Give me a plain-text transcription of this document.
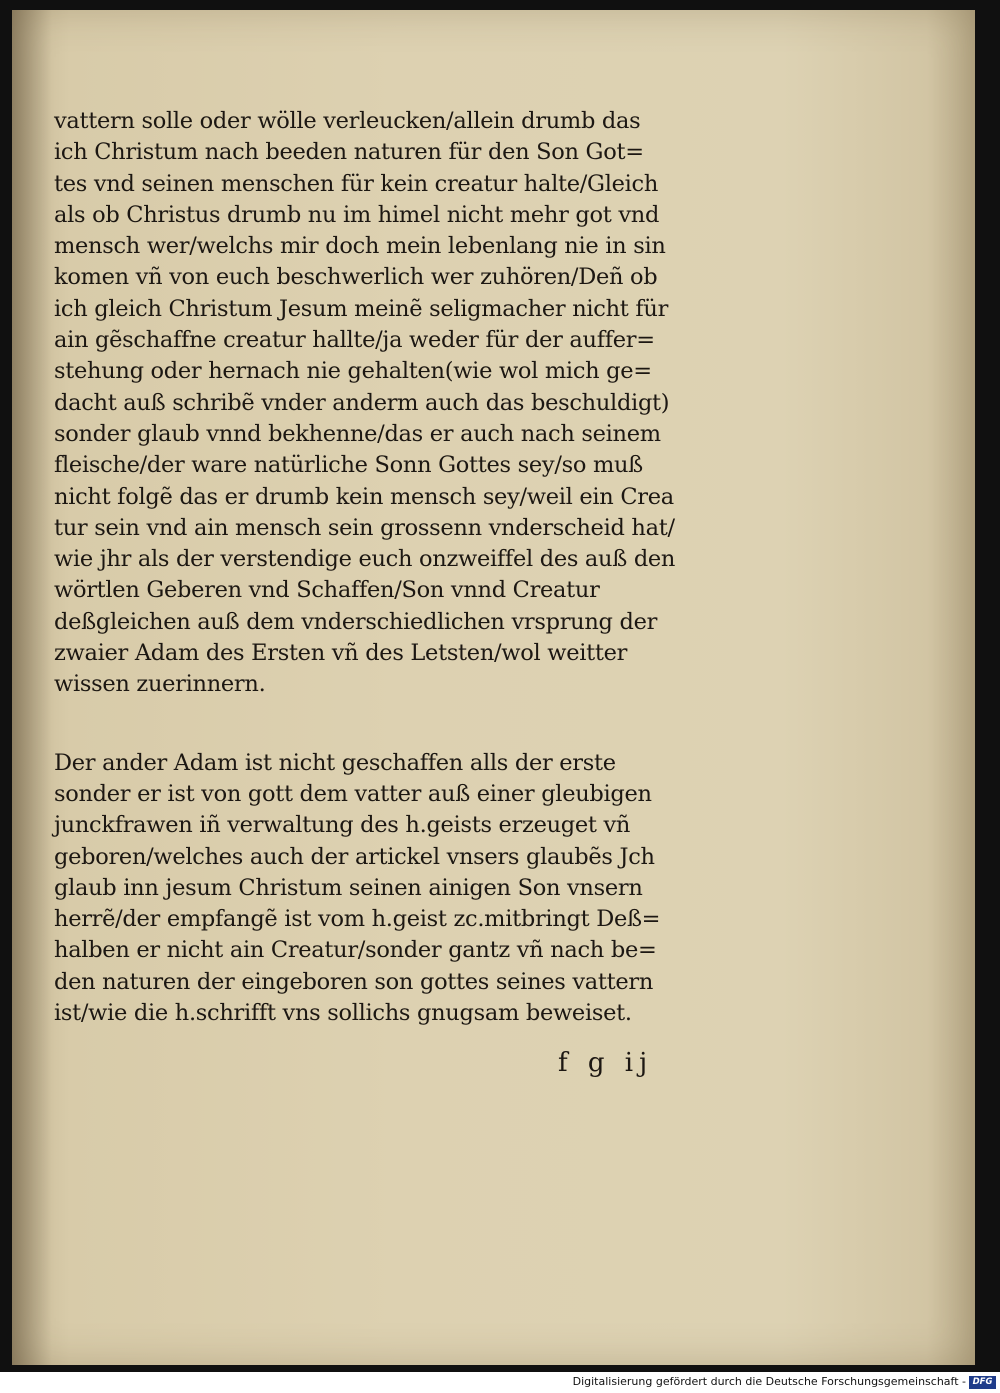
vattern solle oder wölle verleucken/allein drumb das
ich Christum nach beeden naturen für den Son Got=
tes vnd seinen menschen für kein creatur halte/Gleich
als ob Christus drumb nu im himel nicht mehr got vnd
mensch wer/welchs mir doch mein lebenlang nie in sin
komen vñ von euch beschwerlich wer zuhören/Deñ ob
ich gleich Christum Jesum meinẽ seligmacher nicht für
ain gẽschaffne creatur hallte/ja weder für der auffer=
stehung oder hernach nie gehalten(wie wol mich ge=
dacht auß schribẽ vnder anderm auch das beschuldigt)
sonder glaub vnnd bekhenne/das er auch nach seinem
fleische/der ware natürliche Sonn Gottes sey/so muß
nicht folgẽ das er drumb kein mensch sey/weil ein Crea
tur sein vnd ain mensch sein grossenn vnderscheid hat/
wie jhr als der verstendige euch onzweiffel des auß den
wörtlen Geberen vnd Schaffen/Son vnnd Creatur
deßgleichen auß dem vnderschiedlichen vrsprung der
zwaier Adam des Ersten vñ des Letsten/wol weitter
wissen zuerinnern.
Der ander Adam ist nicht geschaffen alls der erste
sonder er ist von gott dem vatter auß einer gleubigen
junckfrawen iñ verwaltung des h.geists erzeuget vñ
geboren/welches auch der artickel vnsers glaubẽs Jch
glaub inn jesum Christum seinen ainigen Son vnsern
herrẽ/der empfangẽ ist vom h.geist zc.mitbringt Deß=
halben er nicht ain Creatur/sonder gantz vñ nach be=
den naturen der eingeboren son gottes seines vattern
ist/wie die h.schrifft vns sollichs gnugsam beweiset.
f g ij
Digitalisierung gefördert durch die Deutsche Forschungsgemeinschaft - DFG
